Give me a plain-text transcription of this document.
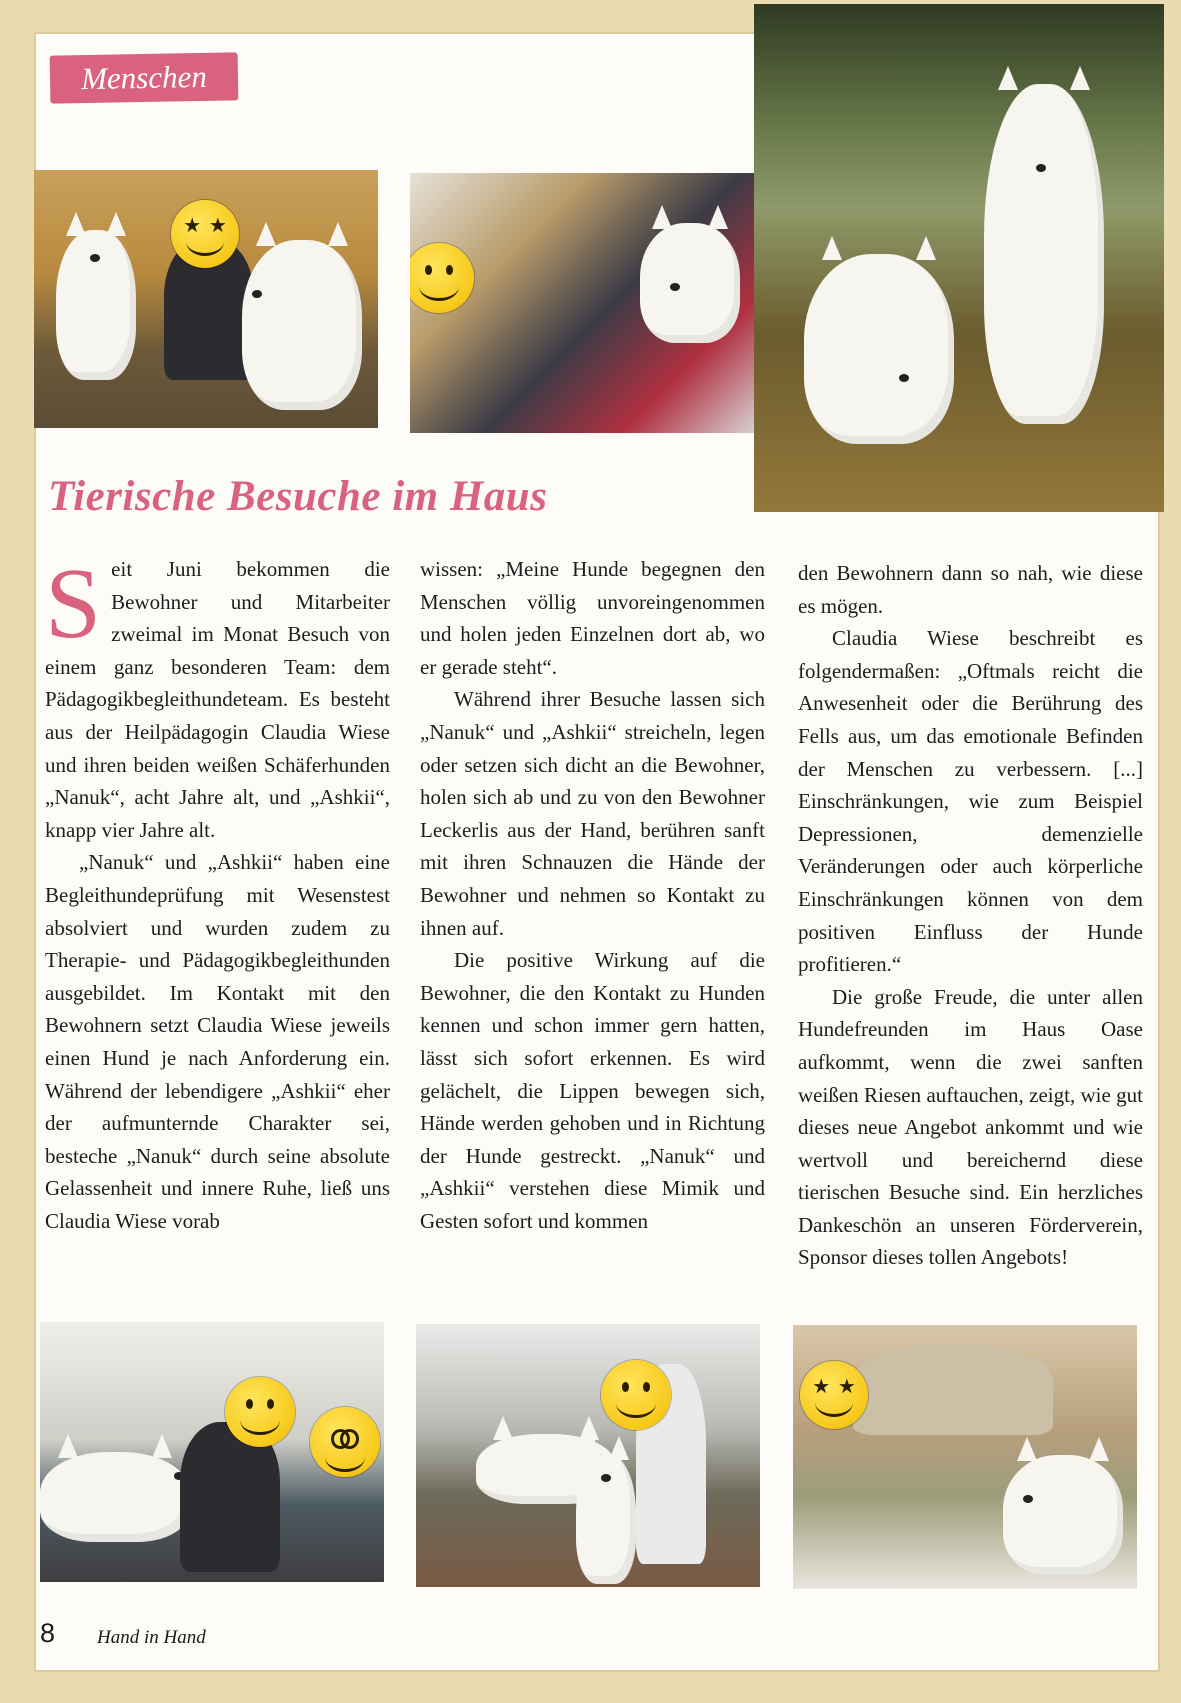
Menschen
★ ★
Tierische Besuche im Haus

Seit Juni bekommen die Bewohner und Mitarbeiter zweimal im Monat Besuch von einem ganz besonderen Team: dem Pädagogikbegleithundeteam. Es besteht aus der Heilpädagogin Claudia Wiese und ihren beiden weißen Schäferhunden „Nanuk“, acht Jahre alt, und „Ashkii“, knapp vier Jahre alt.

„Nanuk“ und „Ashkii“ haben eine Begleithundeprüfung mit Wesenstest absolviert und wurden zudem zu Therapie- und Pädagogikbegleithunden ausgebildet. Im Kontakt mit den Bewohnern setzt Claudia Wiese jeweils einen Hund je nach Anforderung ein. Während der lebendigere „Ashkii“ eher der aufmunternde Charakter sei, besteche „Nanuk“ durch seine absolute Gelassenheit und innere Ruhe, ließ uns Claudia Wiese vorab

wissen: „Meine Hunde begegnen den Menschen völlig unvoreingenommen und holen jeden Einzelnen dort ab, wo er gerade steht“.

Während ihrer Besuche lassen sich „Nanuk“ und „Ashkii“ streicheln, legen oder setzen sich dicht an die Bewohner, holen sich ab und zu von den Bewohner Leckerlis aus der Hand, berühren sanft mit ihren Schnauzen die Hände der Bewohner und nehmen so Kontakt zu ihnen auf.

Die positive Wirkung auf die Bewohner, die den Kontakt zu Hunden kennen und schon immer gern hatten, lässt sich sofort erkennen. Es wird gelächelt, die Lippen bewegen sich, Hände werden gehoben und in Richtung der Hunde gestreckt. „Nanuk“ und „Ashkii“ verstehen diese Mimik und Gesten sofort und kommen

den Bewohnern dann so nah, wie diese es mögen.

Claudia Wiese beschreibt es folgendermaßen: „Oftmals reicht die Anwesenheit oder die Berührung des Fells aus, um das emotionale Befinden der Menschen zu verbessern. [...] Einschränkungen, wie zum Beispiel Depressionen, demenzielle Veränderungen oder auch körperliche Einschränkungen können von dem positiven Einfluss der Hunde profitieren.“

Die große Freude, die unter allen Hundefreunden im Haus Oase aufkommt, wenn die zwei sanften weißen Riesen auftauchen, zeigt, wie gut dieses neue Angebot ankommt und wie wertvoll und bereichernd diese tierischen Besuche sind. Ein herzliches Dankeschön an unseren Förderverein, Sponsor dieses tollen Angebots!

★ ★
8 Hand in Hand
